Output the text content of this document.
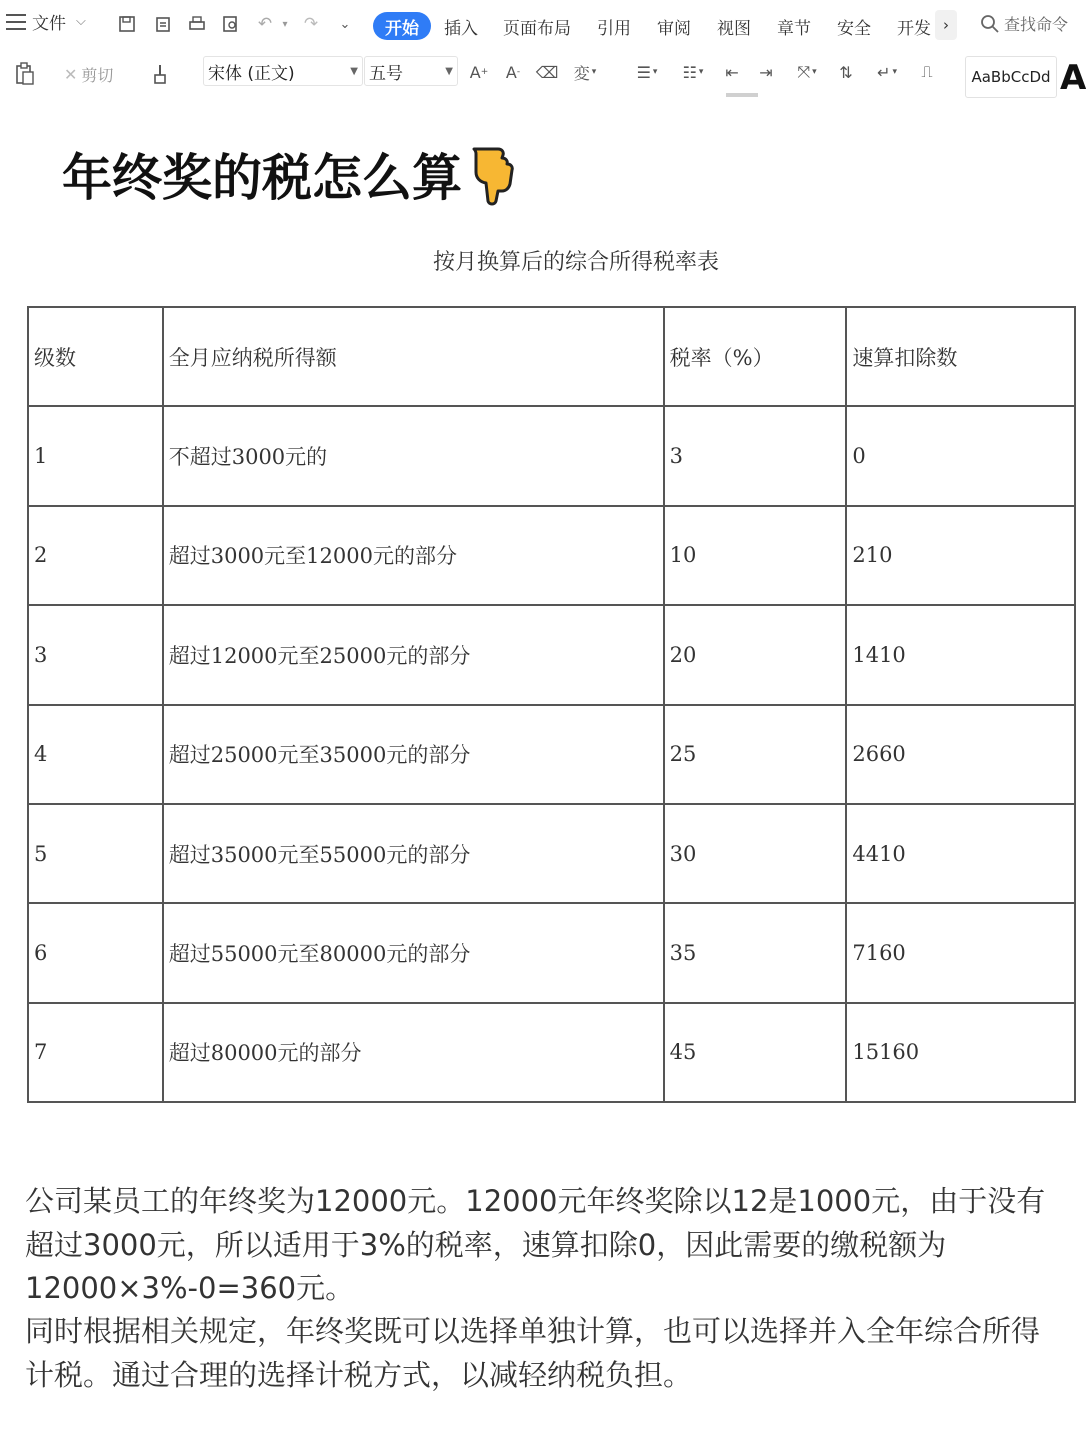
文件 ⌵	↶	▾ ↷	⌄	开始	插入 页面布局 引用 审阅 视图 章节 安全 开发 ›	查找命令
✕ 剪切	宋体 (正文)	▼ 五号	▼ A + A - ⌫ 変 ▾	☰ ▾	☷ ▾	⇤	⇥	⤧ ▾	⇅	↵ ▾	⎍	AaBbCcDd A
年终奖的税怎么算
按月换算后的综合所得税率表
级数	全月应纳税所得额	税率（%）	速算扣除数
1	不超过3000元的	3	0
2	超过3000元至12000元的部分	10	210
3	超过12000元至25000元的部分	20	1410
4	超过25000元至35000元的部分	25	2660
5	超过35000元至55000元的部分	30	4410
6	超过55000元至80000元的部分	35	7160
7	超过80000元的部分	45	15160

公司某员工的年终奖为12000元。12000元年终奖除以12是1000元，由于没有超过3000元，所以适用于3%的税率，速算扣除0，因此需要的缴税额为12000×3%-0=360元。

同时根据相关规定，年终奖既可以选择单独计算，也可以选择并入全年综合所得计税。通过合理的选择计税方式，以减轻纳税负担。
